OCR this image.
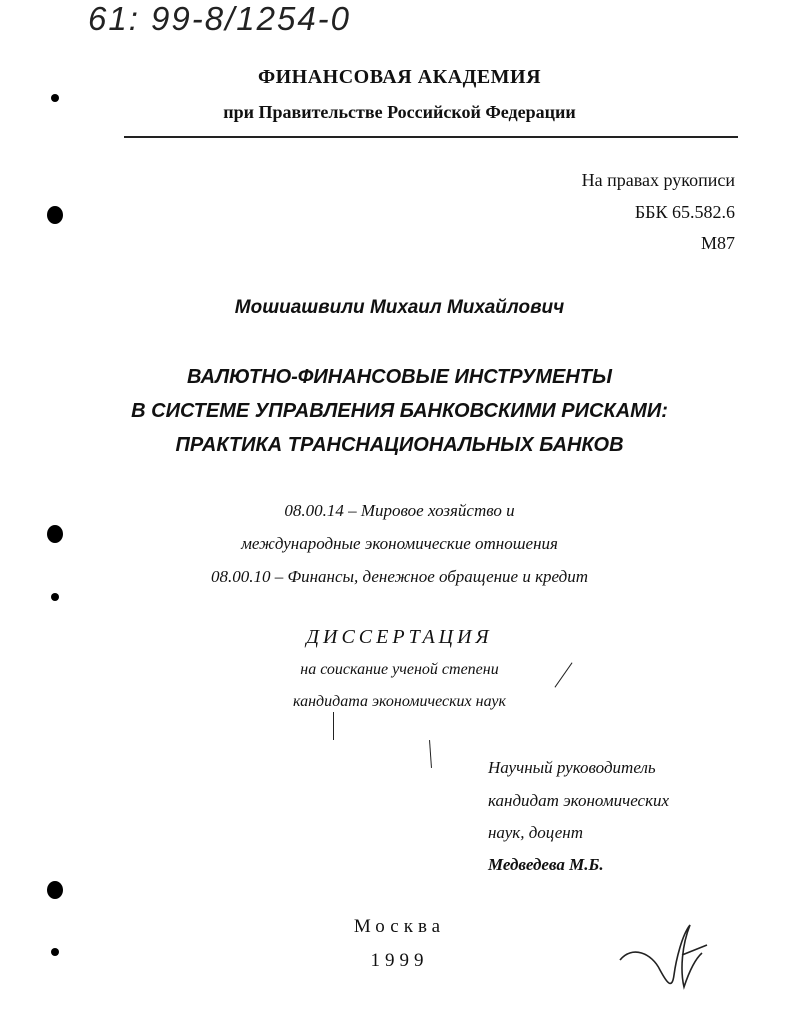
61: 99-8/1254-0
ФИНАНСОВАЯ АКАДЕМИЯ
при Правительстве Российской Федерации
На правах рукописи
ББК 65.582.6
М87
Мошиашвили Михаил Михайлович
ВАЛЮТНО-ФИНАНСОВЫЕ ИНСТРУМЕНТЫ
В СИСТЕМЕ УПРАВЛЕНИЯ БАНКОВСКИМИ РИСКАМИ:
ПРАКТИКА ТРАНСНАЦИОНАЛЬНЫХ БАНКОВ
08.00.14 – Мировое хозяйство и
международные экономические отношения
08.00.10 – Финансы, денежное обращение и кредит
ДИССЕРТАЦИЯ
на соискание ученой степени
кандидата экономических наук
Научный руководитель
кандидат экономических
наук, доцент
Медведева М.Б.
Москва
1999
